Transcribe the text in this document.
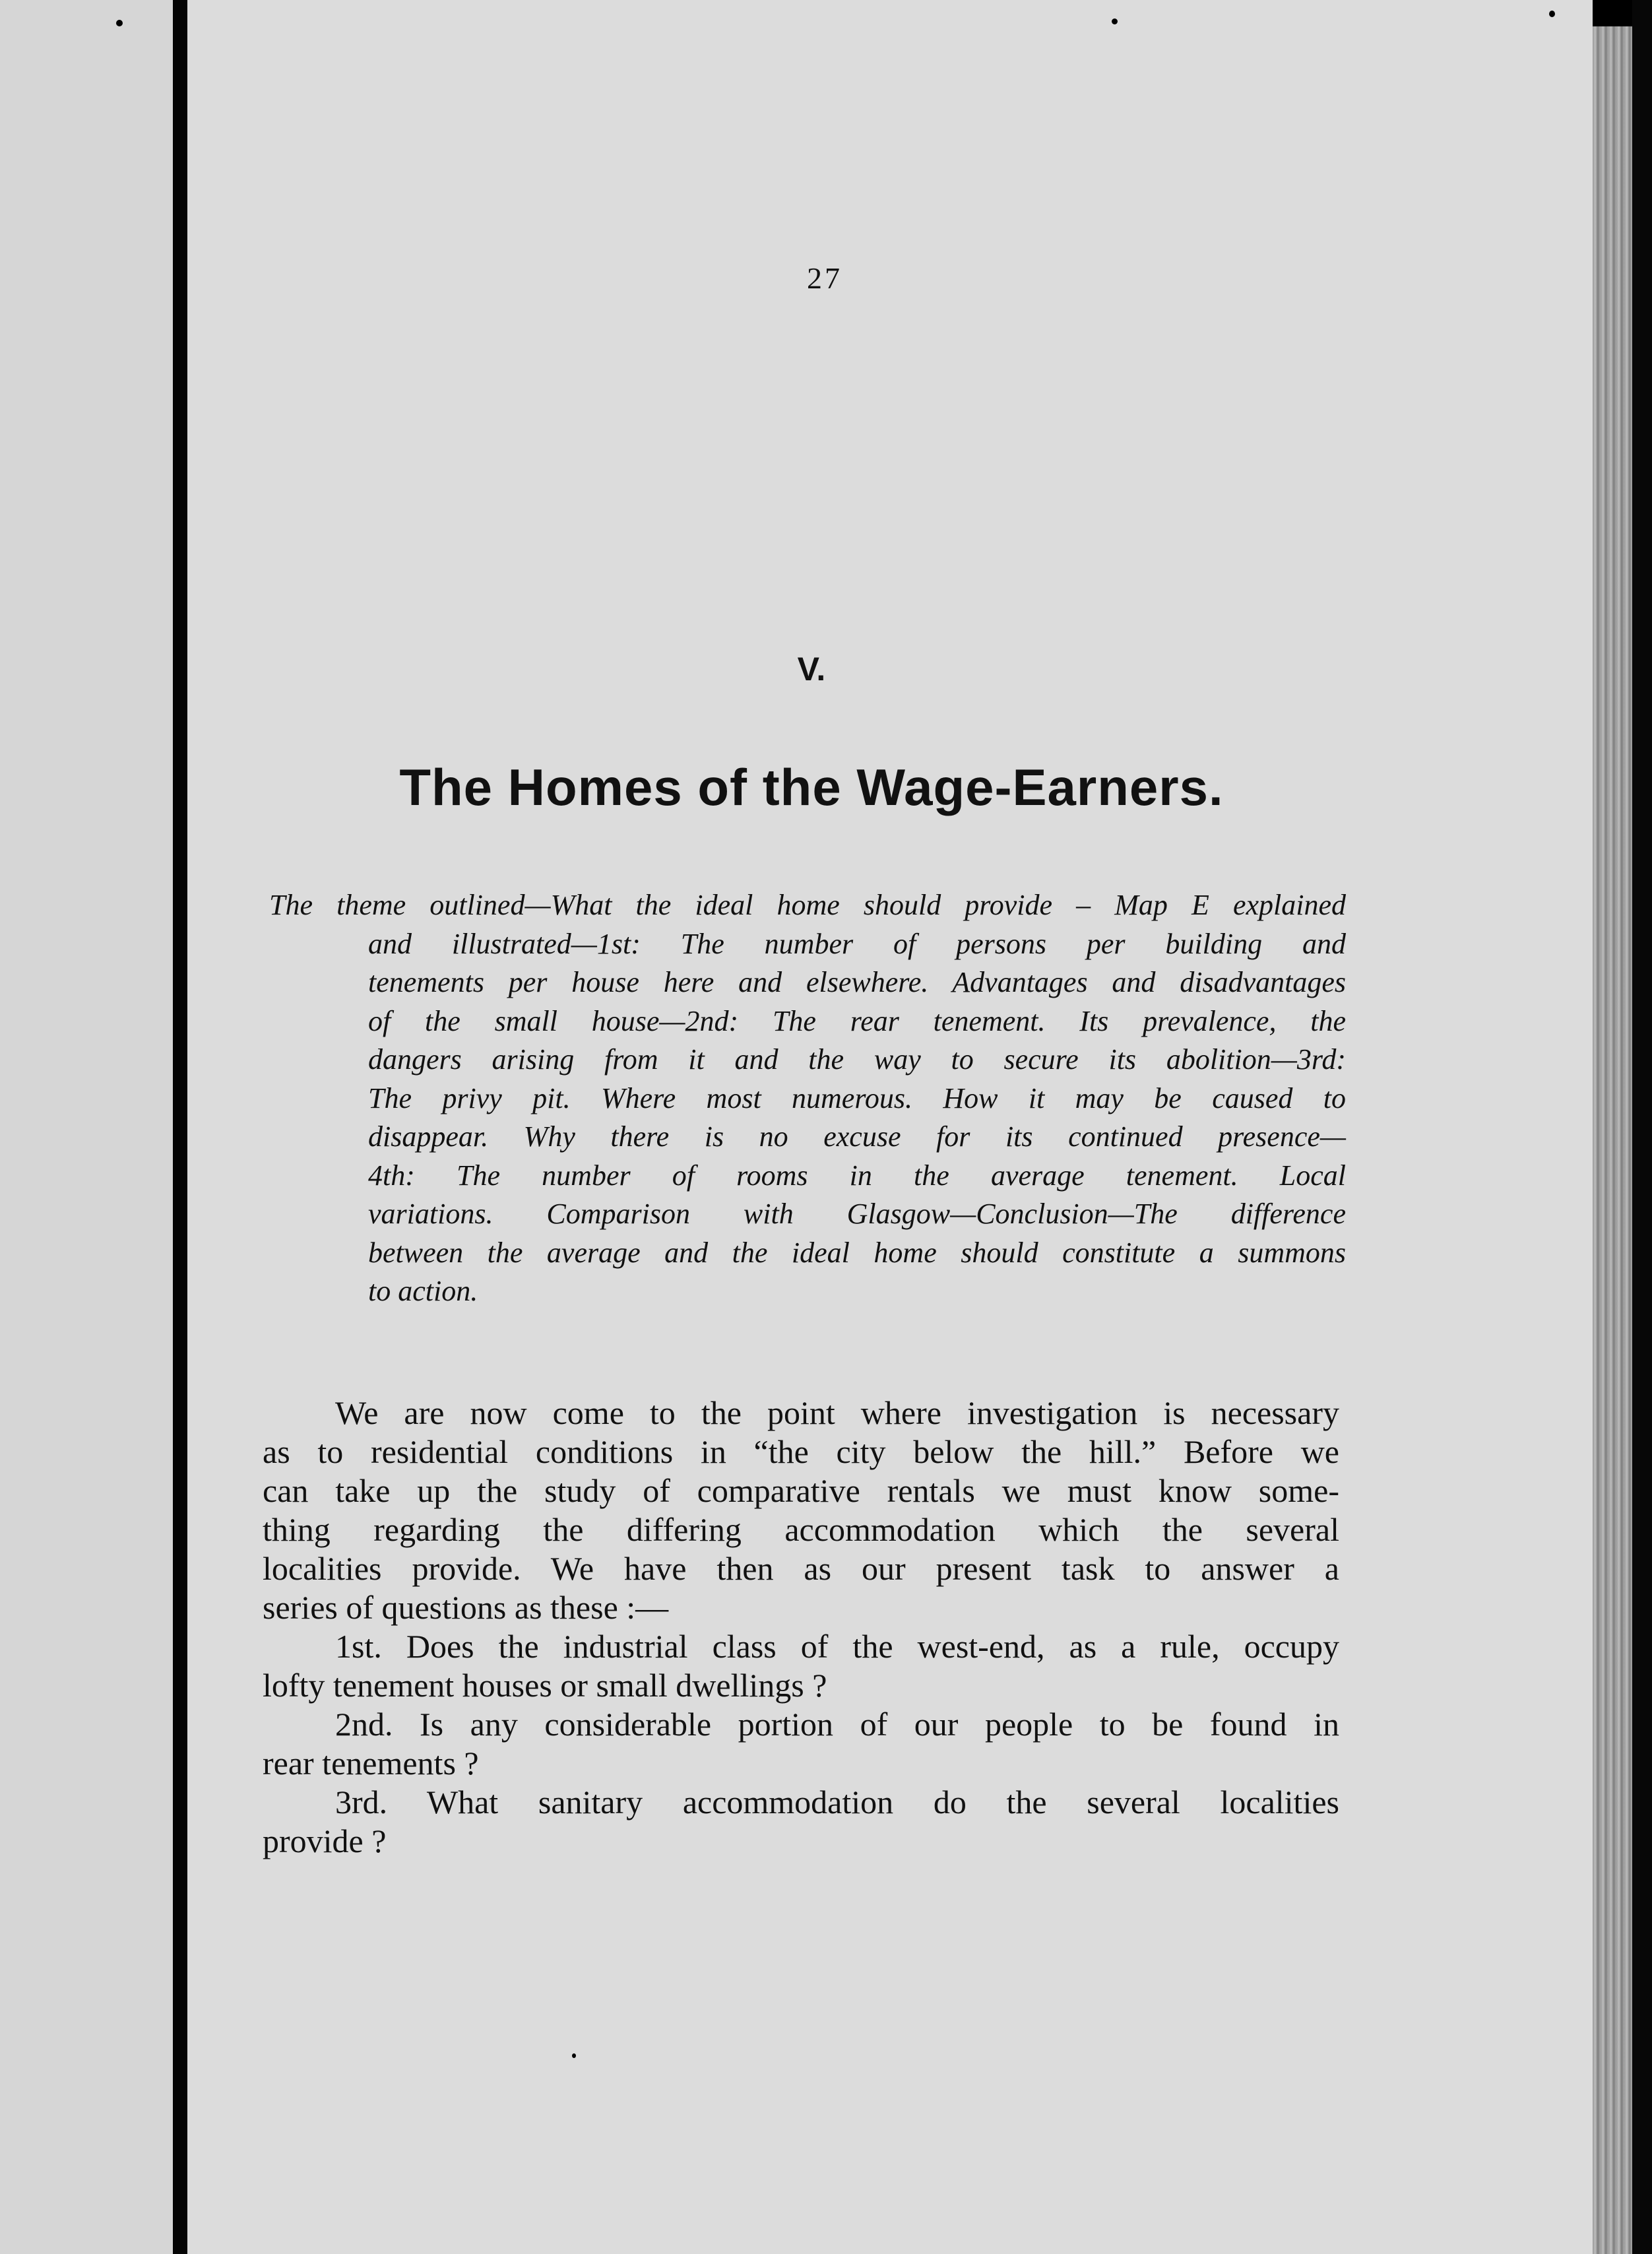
27
V.
The Homes of the Wage-Earners.
The theme outlined—What the ideal home should provide – Map E explained
and illustrated—1st: The number of persons per building and
tenements per house here and elsewhere. Advantages and disadvantages
of the small house—2nd: The rear tenement. Its prevalence, the
dangers arising from it and the way to secure its abolition—3rd:
The privy pit. Where most numerous. How it may be caused to
disappear. Why there is no excuse for its continued presence—
4th: The number of rooms in the average tenement. Local
variations. Comparison with Glasgow—Conclusion—The difference
between the average and the ideal home should constitute a summons
to action.
We are now come to the point where investigation is necessary
as to residential conditions in “the city below the hill.” Before we
can take up the study of comparative rentals we must know some-
thing regarding the differing accommodation which the several
localities provide. We have then as our present task to answer a
series of questions as these :—
1st. Does the industrial class of the west-end, as a rule, occupy
lofty tenement houses or small dwellings ?
2nd. Is any considerable portion of our people to be found in
rear tenements ?
3rd. What sanitary accommodation do the several localities
provide ?
